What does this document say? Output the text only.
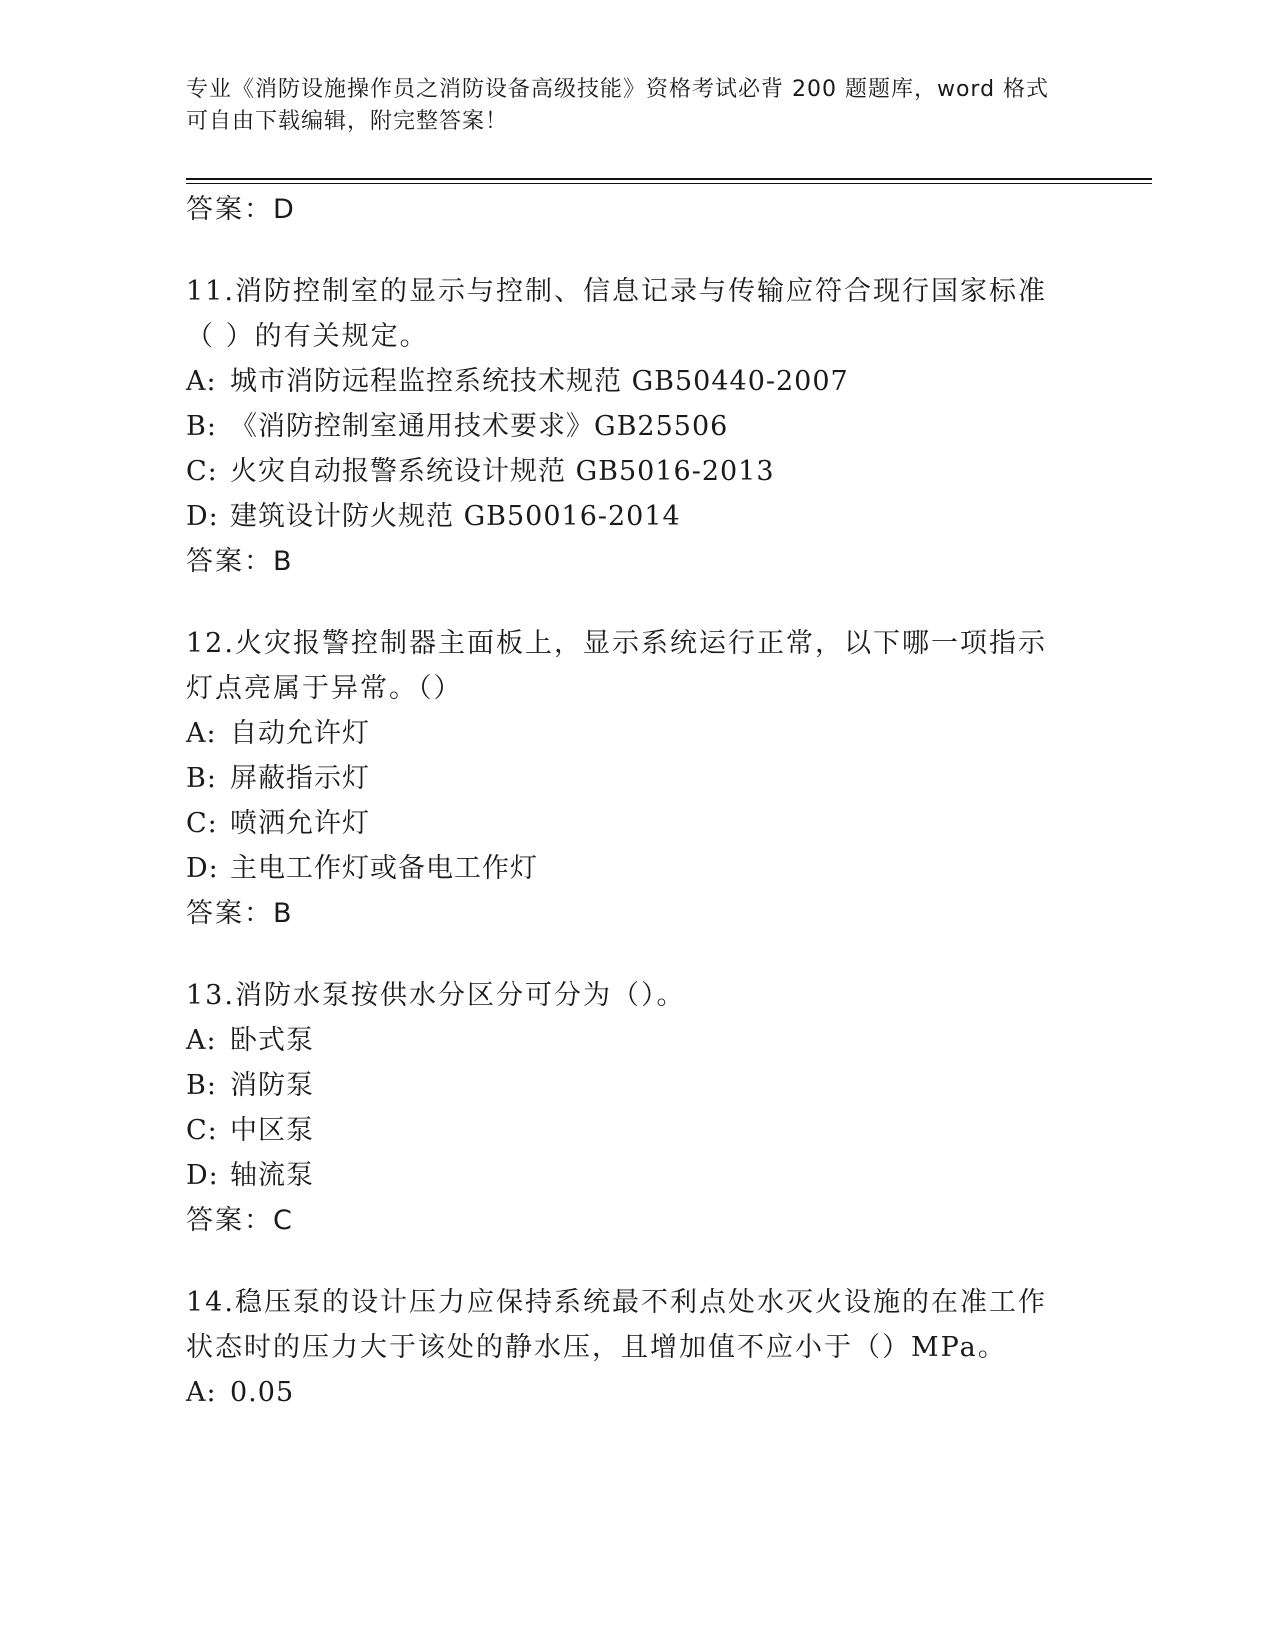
专业《消防设施操作员之消防设备高级技能》资格考试必背 200 题题库，word 格式可自由下载编辑，附完整答案！
答案：D
11.消防控制室的显示与控制、信息记录与传输应符合现行国家标准（ ）的有关规定。
A: 城市消防远程监控系统技术规范 GB50440-2007
B: 《消防控制室通用技术要求》GB25506
C: 火灾自动报警系统设计规范 GB5016-2013
D: 建筑设计防火规范 GB50016-2014
答案：B
12.火灾报警控制器主面板上，显示系统运行正常，以下哪一项指示灯点亮属于异常。（）
A: 自动允许灯
B: 屏蔽指示灯
C: 喷洒允许灯
D: 主电工作灯或备电工作灯
答案：B
13.消防水泵按供水分区分可分为（）。
A: 卧式泵
B: 消防泵
C: 中区泵
D: 轴流泵
答案：C
14.稳压泵的设计压力应保持系统最不利点处水灭火设施的在准工作状态时的压力大于该处的静水压，且增加值不应小于（）MPa。
A: 0.05
